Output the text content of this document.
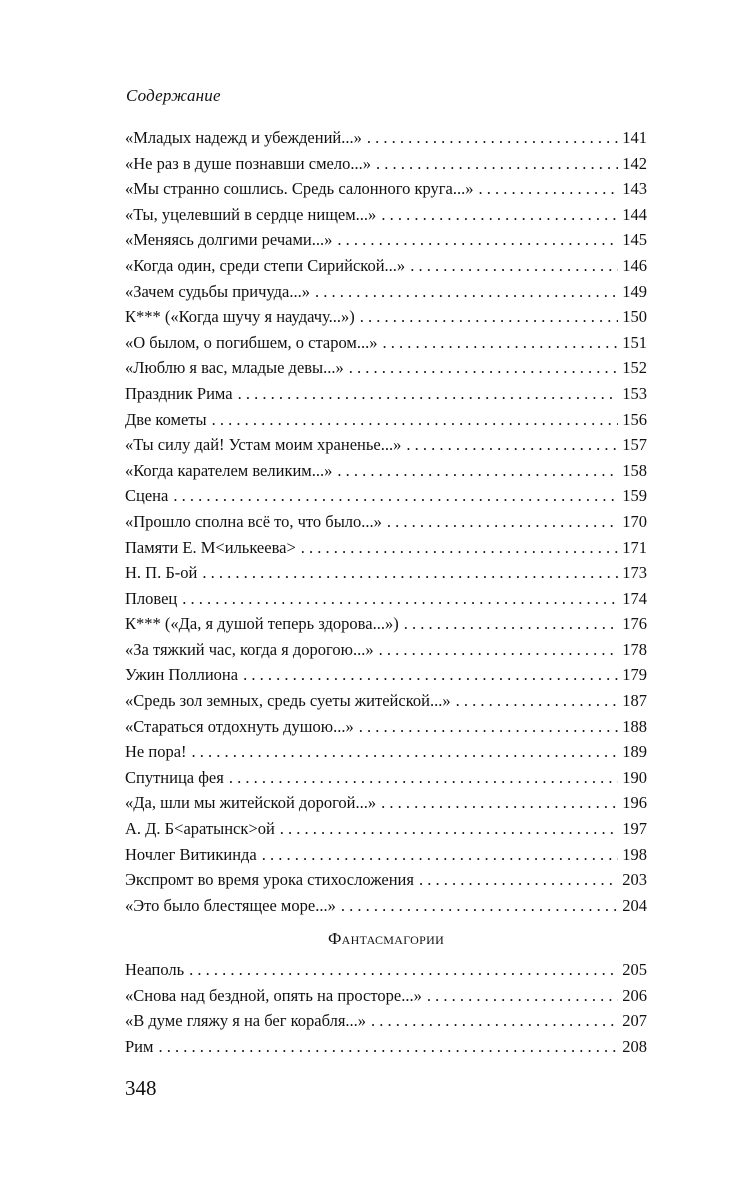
Содержание
«Младых надежд и убеждений...» . . .	141
«Не раз в душе познавши смело...» . . .	142
«Мы странно сошлись. Средь салонного круга...» . . .	143
«Ты, уцелевший в сердце нищем...» . . .	144
«Меняясь долгими речами...» . . .	145
«Когда один, среди степи Сирийской...» . . .	146
«Зачем судьбы причуда...» . . .	149
К*** («Когда шучу я наудачу...») . . .	150
«О былом, о погибшем, о старом...» . . .	151
«Люблю я вас, младые девы...» . . .	152
Праздник Рима . . .	153
Две кометы . . .	156
«Ты силу дай! Устам моим храненье...» . . .	157
«Когда карателем великим...» . . .	158
Сцена . . .	159
«Прошло сполна всё то, что было...» . . .	170
Памяти Е. М<илькеева> . . .	171
Н. П. Б-ой . . .	173
Пловец . . .	174
К*** («Да, я душой теперь здорова...») . . .	176
«За тяжкий час, когда я дорогою...» . . .	178
Ужин Поллиона . . .	179
«Средь зол земных, средь суеты житейской...» . . .	187
«Стараться отдохнуть душою...» . . .	188
Не пора! . . .	189
Спутница фея . . .	190
«Да, шли мы житейской дорогой...» . . .	196
А. Д. Б<аратынск>ой . . .	197
Ночлег Витикинда . . .	198
Экспромт во время урока стихосложения . . .	203
«Это было блестящее море...» . . .	204
Фантасмагории
Неаполь . . .	205
«Снова над бездной, опять на просторе...» . . .	206
«В думе гляжу я на бег корабля...» . . .	207
Рим . . .	208
348
